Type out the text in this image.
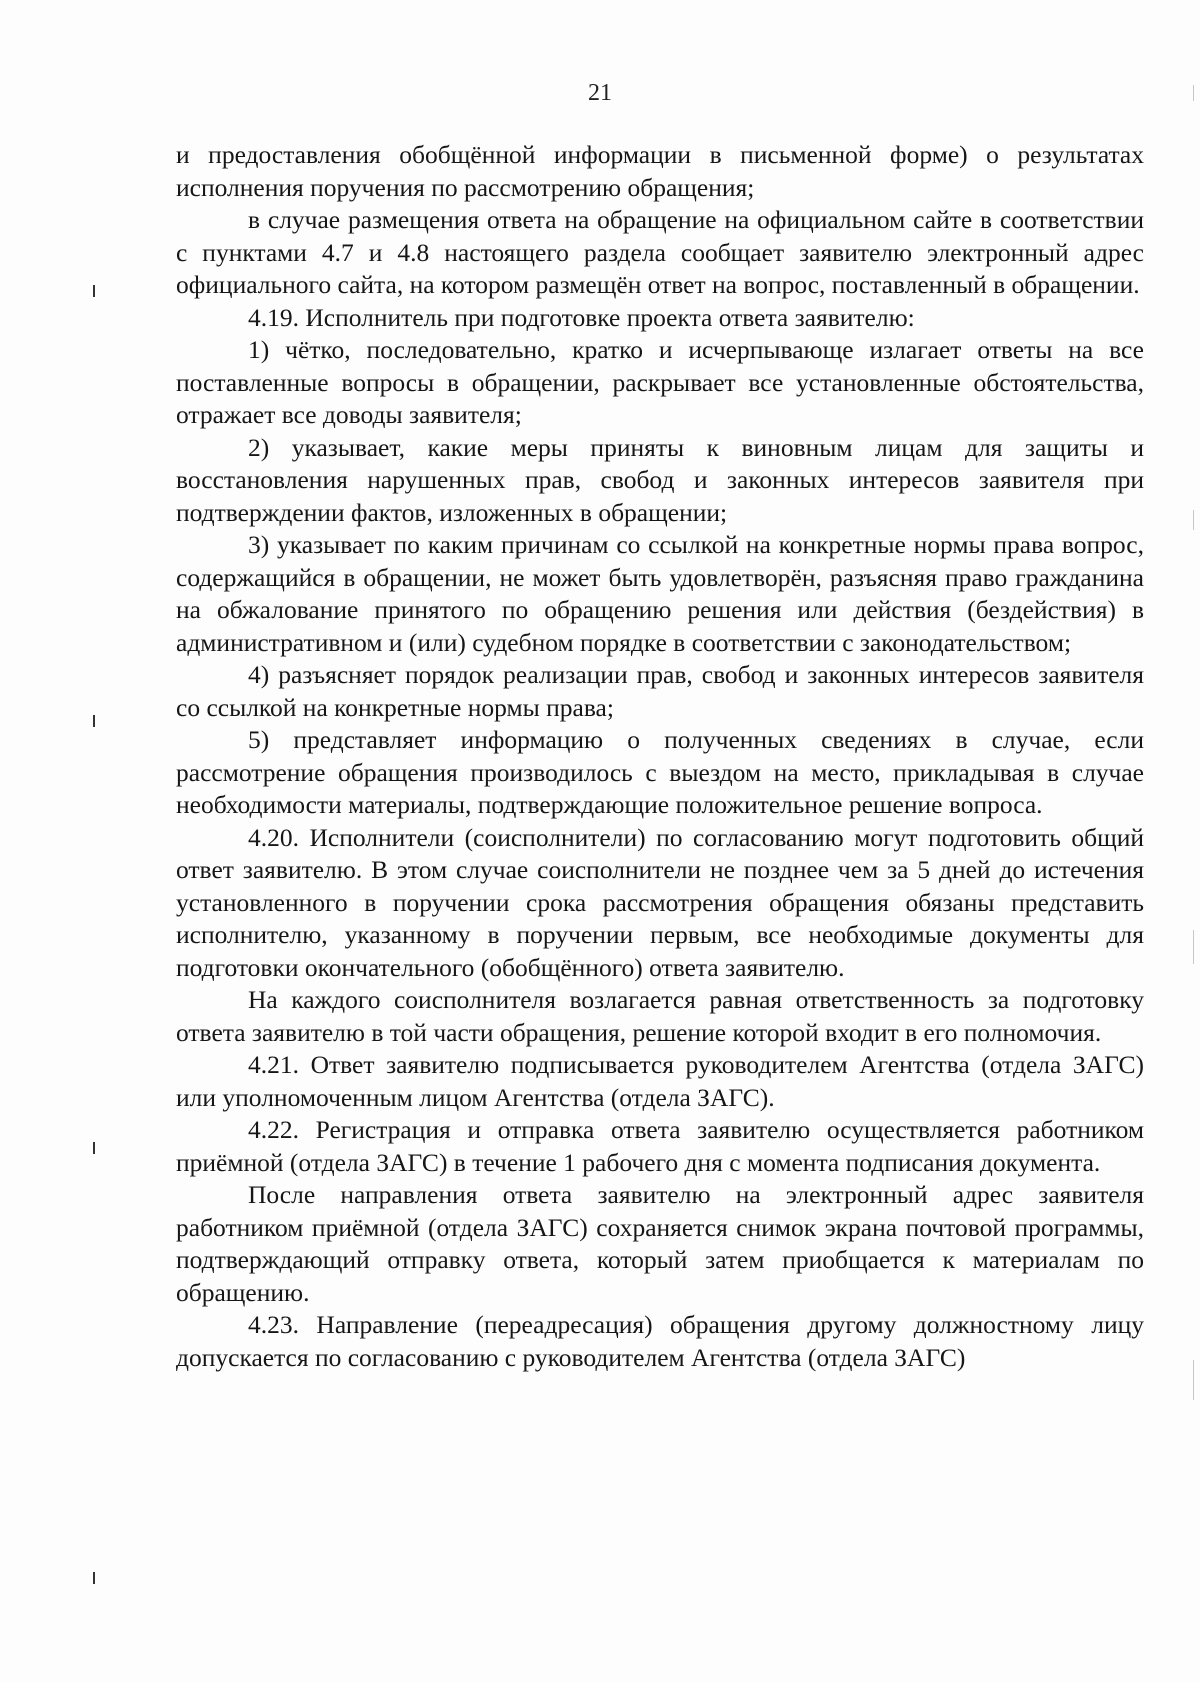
21

и предоставления обобщённой информации в письменной форме) о результатах исполнения поручения по рассмотрению обращения;

в случае размещения ответа на обращение на официальном сайте в соответствии с пунктами 4.7 и 4.8 настоящего раздела сообщает заявителю электронный адрес официального сайта, на котором размещён ответ на вопрос, поставленный в обращении.

4.19. Исполнитель при подготовке проекта ответа заявителю:

1) чётко, последовательно, кратко и исчерпывающе излагает ответы на все поставленные вопросы в обращении, раскрывает все установленные обстоятельства, отражает все доводы заявителя;

2) указывает, какие меры приняты к виновным лицам для защиты и восстановления нарушенных прав, свобод и законных интересов заявителя при подтверждении фактов, изложенных в обращении;

3) указывает по каким причинам со ссылкой на конкретные нормы права вопрос, содержащийся в обращении, не может быть удовлетворён, разъясняя право гражданина на обжалование принятого по обращению решения или действия (бездействия) в административном и (или) судебном порядке в соответствии с законодательством;

4) разъясняет порядок реализации прав, свобод и законных интересов заявителя со ссылкой на конкретные нормы права;

5) представляет информацию о полученных сведениях в случае, если рассмотрение обращения производилось с выездом на место, прикладывая в случае необходимости материалы, подтверждающие положительное решение вопроса.

4.20. Исполнители (соисполнители) по согласованию могут подготовить общий ответ заявителю. В этом случае соисполнители не позднее чем за 5 дней до истечения установленного в поручении срока рассмотрения обращения обязаны представить исполнителю, указанному в поручении первым, все необходимые документы для подготовки окончательного (обобщённого) ответа заявителю.

На каждого соисполнителя возлагается равная ответственность за подготовку ответа заявителю в той части обращения, решение которой входит в его полномочия.

4.21. Ответ заявителю подписывается руководителем Агентства (отдела ЗАГС) или уполномоченным лицом Агентства (отдела ЗАГС).

4.22. Регистрация и отправка ответа заявителю осуществляется работником приёмной (отдела ЗАГС) в течение 1 рабочего дня с момента подписания документа.

После направления ответа заявителю на электронный адрес заявителя работником приёмной (отдела ЗАГС) сохраняется снимок экрана почтовой программы, подтверждающий отправку ответа, который затем приобщается к материалам по обращению.

4.23. Направление (переадресация) обращения другому должностному лицу допускается по согласованию с руководителем Агентства (отдела ЗАГС)
